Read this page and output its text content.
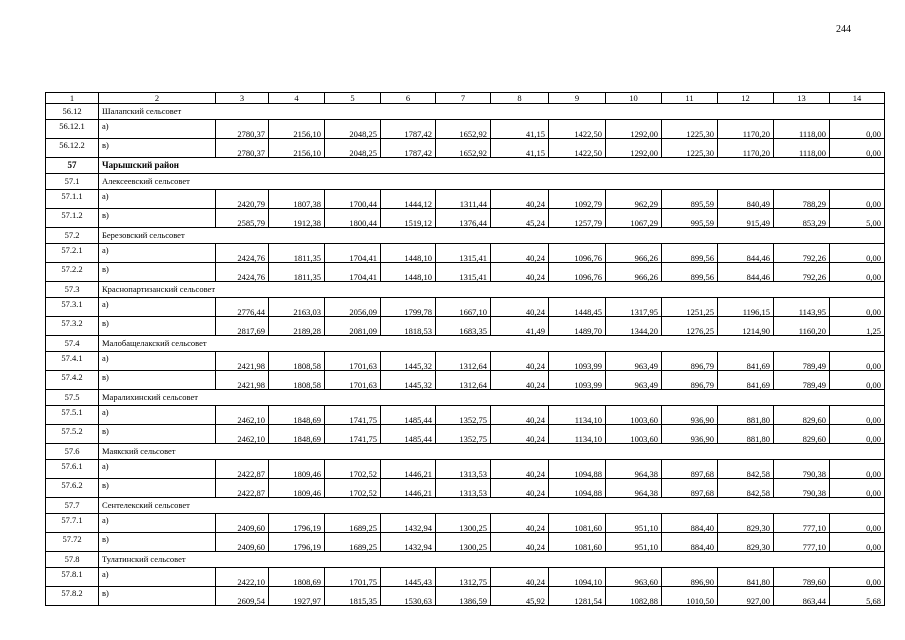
244
1	2	3	4	5	6	7	8	9	10	11	12	13	14
56.12	Шалапский сельсовет												
56.12.1	а)	2780,37	2156,10	2048,25	1787,42	1652,92	41,15	1422,50	1292,00	1225,30	1170,20	1118,00	0,00
56.12.2	в)	2780,37	2156,10	2048,25	1787,42	1652,92	41,15	1422,50	1292,00	1225,30	1170,20	1118,00	0,00
57	Чарышский район												
57.1	Алексеевский сельсовет												
57.1.1	а)	2420,79	1807,38	1700,44	1444,12	1311,44	40,24	1092,79	962,29	895,59	840,49	788,29	0,00
57.1.2	в)	2585,79	1912,38	1800,44	1519,12	1376,44	45,24	1257,79	1067,29	995,59	915,49	853,29	5,00
57.2	Березовский сельсовет												
57.2.1	а)	2424,76	1811,35	1704,41	1448,10	1315,41	40,24	1096,76	966,26	899,56	844,46	792,26	0,00
57.2.2	в)	2424,76	1811,35	1704,41	1448,10	1315,41	40,24	1096,76	966,26	899,56	844,46	792,26	0,00
57.3	Краснопартизанский сельсовет												
57.3.1	а)	2776,44	2163,03	2056,09	1799,78	1667,10	40,24	1448,45	1317,95	1251,25	1196,15	1143,95	0,00
57.3.2	в)	2817,69	2189,28	2081,09	1818,53	1683,35	41,49	1489,70	1344,20	1276,25	1214,90	1160,20	1,25
57.4	Малобащелакский сельсовет												
57.4.1	а)	2421,98	1808,58	1701,63	1445,32	1312,64	40,24	1093,99	963,49	896,79	841,69	789,49	0,00
57.4.2	в)	2421,98	1808,58	1701,63	1445,32	1312,64	40,24	1093,99	963,49	896,79	841,69	789,49	0,00
57.5	Маралихинский сельсовет												
57.5.1	а)	2462,10	1848,69	1741,75	1485,44	1352,75	40,24	1134,10	1003,60	936,90	881,80	829,60	0,00
57.5.2	в)	2462,10	1848,69	1741,75	1485,44	1352,75	40,24	1134,10	1003,60	936,90	881,80	829,60	0,00
57.6	Маякский сельсовет												
57.6.1	а)	2422,87	1809,46	1702,52	1446,21	1313,53	40,24	1094,88	964,38	897,68	842,58	790,38	0,00
57.6.2	в)	2422,87	1809,46	1702,52	1446,21	1313,53	40,24	1094,88	964,38	897,68	842,58	790,38	0,00
57.7	Сентелекский сельсовет												
57.7.1	а)	2409,60	1796,19	1689,25	1432,94	1300,25	40,24	1081,60	951,10	884,40	829,30	777,10	0,00
57.72	в)	2409,60	1796,19	1689,25	1432,94	1300,25	40,24	1081,60	951,10	884,40	829,30	777,10	0,00
57.8	Тулатинский сельсовет												
57.8.1	а)	2422,10	1808,69	1701,75	1445,43	1312,75	40,24	1094,10	963,60	896,90	841,80	789,60	0,00
57.8.2	в)	2609,54	1927,97	1815,35	1530,63	1386,59	45,92	1281,54	1082,88	1010,50	927,00	863,44	5,68
